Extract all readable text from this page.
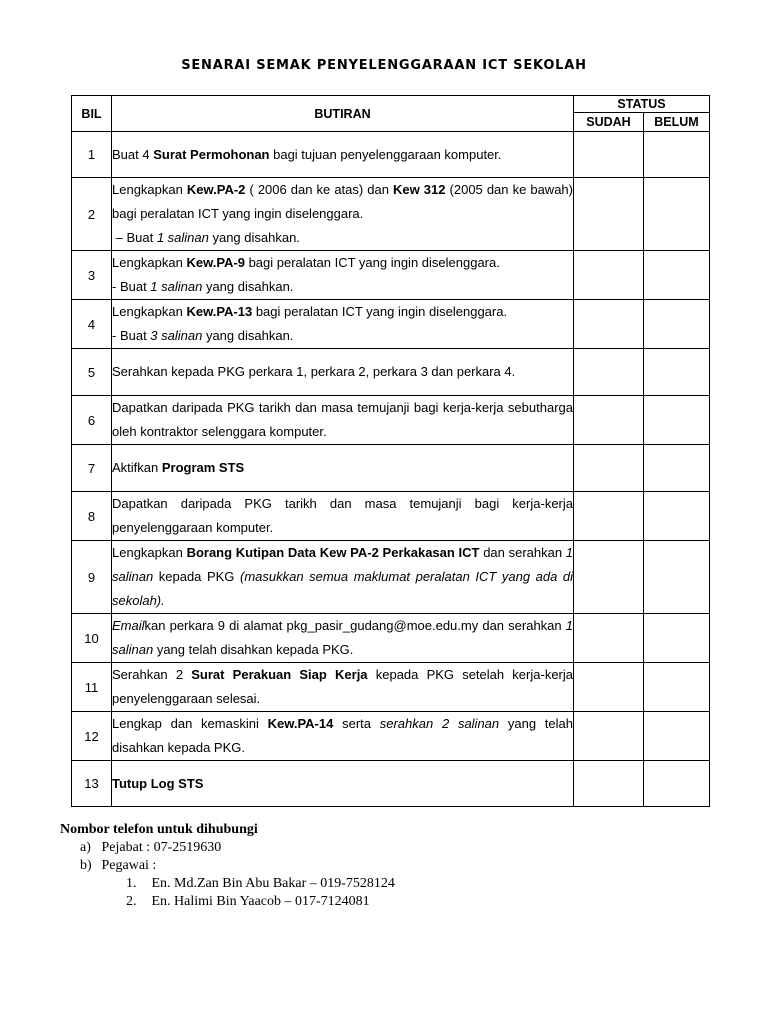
SENARAI SEMAK PENYELENGGARAAN ICT SEKOLAH
BIL	BUTIRAN	STATUS	
		SUDAH	BELUM
1	Buat 4 Surat Permohonan bagi tujuan penyelenggaraan komputer.		
2	Lengkapkan Kew.PA-2 ( 2006 dan ke atas) dan Kew 312 (2005 dan ke bawah) bagi peralatan ICT yang ingin diselenggara.
– Buat 1 salinan yang disahkan.		
3	Lengkapkan Kew.PA-9 bagi peralatan ICT yang ingin diselenggara.
- Buat 1 salinan yang disahkan.		
4	Lengkapkan Kew.PA-13 bagi peralatan ICT yang ingin diselenggara.
- Buat 3 salinan yang disahkan.		
5	Serahkan kepada PKG perkara 1, perkara 2, perkara 3 dan perkara 4.		
6	Dapatkan daripada PKG tarikh dan masa temujanji bagi kerja-kerja sebutharga oleh kontraktor selenggara komputer.		
7	Aktifkan Program STS		
8	Dapatkan daripada PKG tarikh dan masa temujanji bagi kerja-kerja penyelenggaraan komputer.		
9	Lengkapkan Borang Kutipan Data Kew PA-2 Perkakasan ICT dan serahkan 1 salinan kepada PKG (masukkan semua maklumat peralatan ICT yang ada di sekolah).		
10	Emailkan perkara 9 di alamat pkg_pasir_gudang@moe.edu.my dan serahkan 1 salinan yang telah disahkan kepada PKG.		
11	Serahkan 2 Surat Perakuan Siap Kerja kepada PKG setelah kerja-kerja penyelenggaraan selesai.		
12	Lengkap dan kemaskini Kew.PA-14 serta serahkan 2 salinan yang telah disahkan kepada PKG.		
13	Tutup Log STS		
Nombor telefon untuk dihubungi
a) Pejabat : 07-2519630
b) Pegawai :
1. En. Md.Zan Bin Abu Bakar – 019-7528124
2. En. Halimi Bin Yaacob – 017-7124081
